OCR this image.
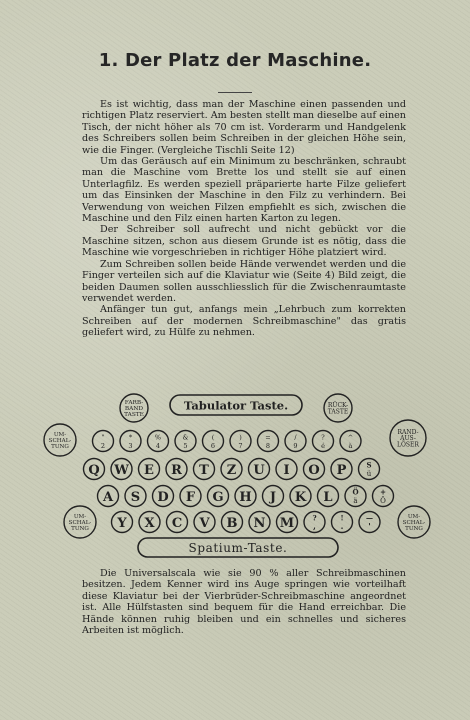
1. Der Platz der Maschine.

Es ist wichtig, dass man der Maschine einen passenden und richtigen Platz reserviert. Am besten stellt man dieselbe auf einen Tisch, der nicht höher als 70 cm ist. Vorderarm und Handgelenk des Schreibers sollen beim Schreiben in der gleichen Höhe sein, wie die Finger. (Vergleiche Tischli Seite 12)

Um das Geräusch auf ein Minimum zu beschränken, schraubt man die Maschine vom Brette los und stellt sie auf einen Unterlagfilz. Es werden speziell präparierte harte Filze geliefert um das Einsinken der Maschine in den Filz zu verhindern. Bei Verwendung von weichen Filzen empfiehlt es sich, zwischen die Maschine und den Filz einen harten Karton zu legen.

Der Schreiber soll aufrecht und nicht gebückt vor die Maschine sitzen, schon aus diesem Grunde ist es nötig, dass die Maschine wie vorgeschrieben in richtiger Höhe platziert wird.

Zum Schreiben sollen beide Hände verwendet werden und die Finger verteilen sich auf die Klaviatur wie (Seite 4) Bild zeigt, die beiden Daumen sollen ausschliesslich für die Zwischenraumtaste verwendet werden.

Anfänger tun gut, anfangs mein „Lehrbuch zum korrekten Schreiben auf der modernen Schreibmaschine" das gratis geliefert wird, zu Hülfe zu nehmen.

FARB-
BAND
TASTE
Tabulator Taste.	RÜCK-
TASTE
UM-
SCHAL-
TUNG
RAND-
AUS-
LÖSER
"
2
*
3
%
4
&
5
(
6
)
7
=
8
/
9
?
é
^
à
Q W E R T Z U I O P	S
ü
A S D F G H J K L	Ö
ä
+
Ö
UM-
SCHAL-
TUNG Y X C V B N M	?
,
!
.
—
'
UM-
SCHAL-
TUNG
Spatium-Taste.

Die Universalscala wie sie 90 % aller Schreibmaschinen besitzen. Jedem Kenner wird ins Auge springen wie vorteilhaft diese Klaviatur bei der Vierbrüder-Schreibmaschine angeordnet ist. Alle Hülfstasten sind bequem für die Hand erreichbar. Die Hände können ruhig bleiben und ein schnelles und sicheres Arbeiten ist möglich.
